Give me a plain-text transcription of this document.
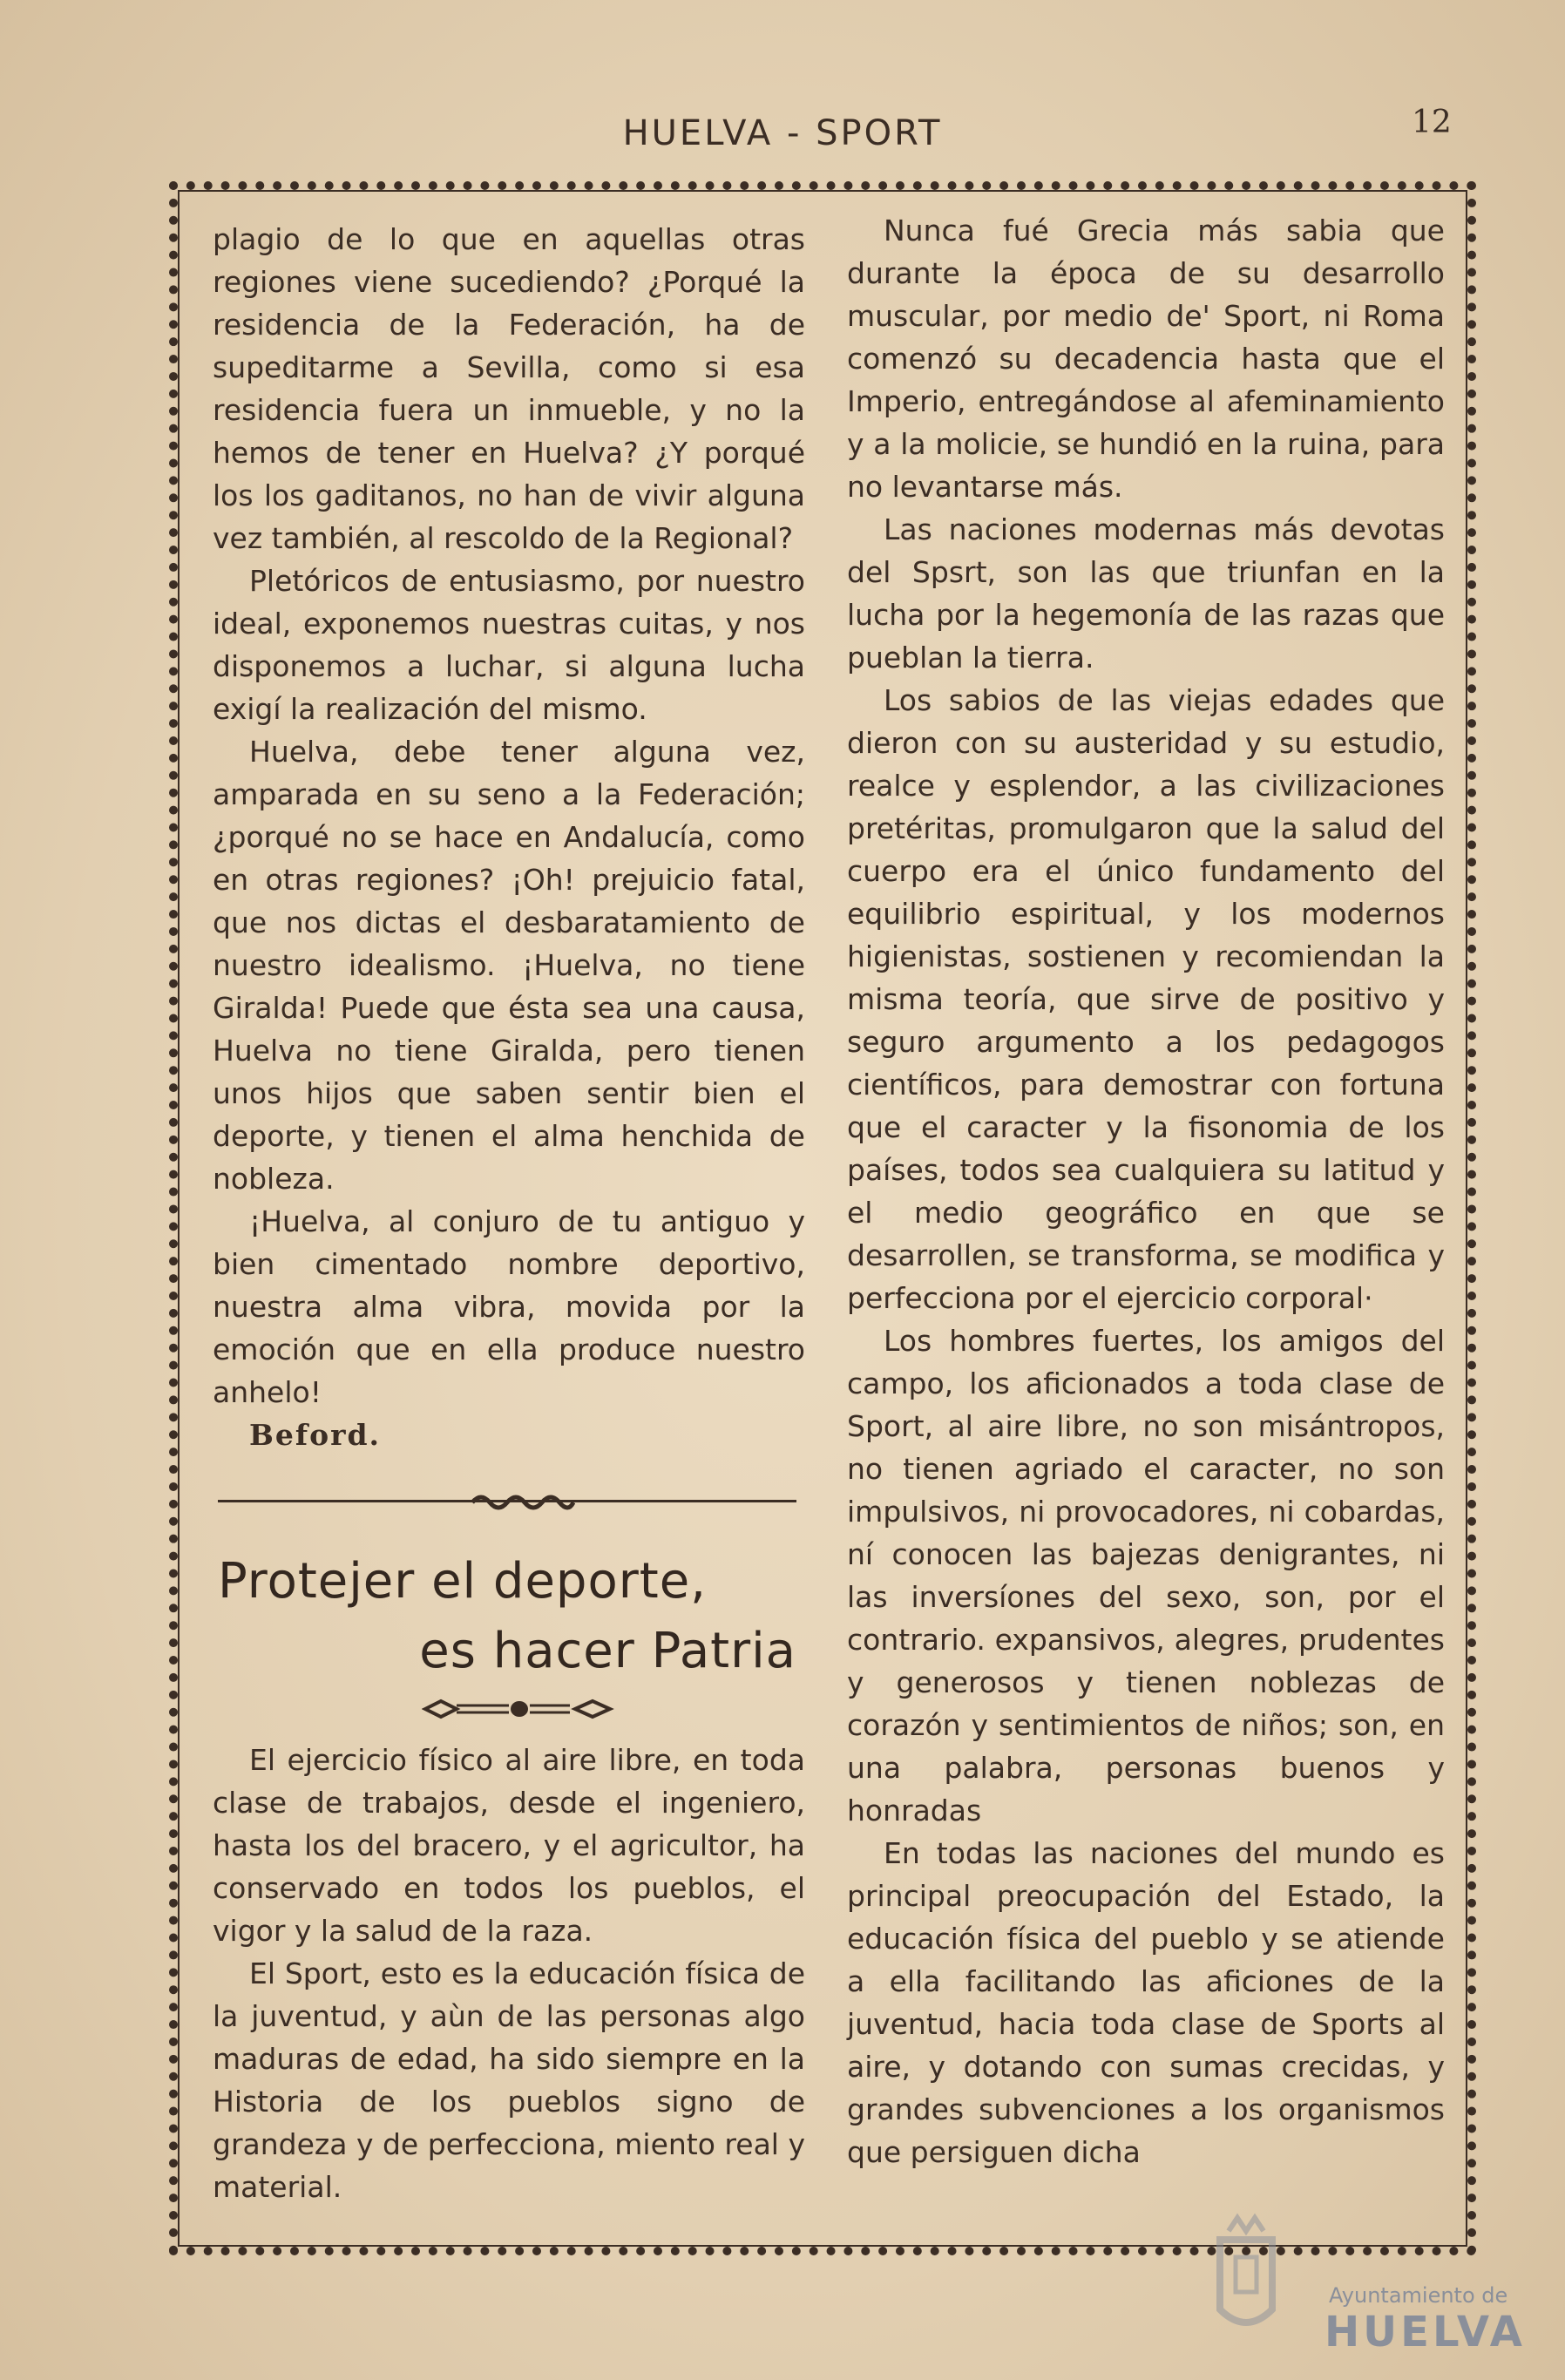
HUELVA - SPORT	12

plagio de lo que en aquellas otras regiones viene sucediendo? ¿Porqué la residencia de la Federación, ha de supeditarme a Sevilla, como si esa residencia fuera un inmueble, y no la hemos de tener en Huelva? ¿Y porqué los los gaditanos, no han de vivir alguna vez también, al rescoldo de la Regional?

Pletóricos de entusiasmo, por nuestro ideal, exponemos nuestras cuitas, y nos disponemos a luchar, si alguna lucha exigí la realización del mismo.

Huelva, debe tener alguna vez, amparada en su seno a la Federación; ¿porqué no se hace en Andalucía, como en otras regiones? ¡Oh! prejuicio fatal, que nos dictas el desbaratamiento de nuestro idealismo. ¡Huelva, no tiene Giralda! Puede que ésta sea una causa, Huelva no tiene Giralda, pero tienen unos hijos que saben sentir bien el deporte, y tienen el alma henchida de nobleza.

¡Huelva, al conjuro de tu antiguo y bien cimentado nombre deportivo, nuestra alma vibra, movida por la emoción que en ella produce nuestro anhelo!

Beford.

Protejer el deporte,
es hacer Patria

El ejercicio físico al aire libre, en toda clase de trabajos, desde el ingeniero, hasta los del bracero, y el agricultor, ha conservado en todos los pueblos, el vigor y la salud de la raza.

El Sport, esto es la educación física de la juventud, y aùn de las personas algo maduras de edad, ha sido siempre en la Historia de los pueblos signo de grandeza y de perfecciona, miento real y material.

Nunca fué Grecia más sabia que durante la época de su desarrollo muscular, por medio de' Sport, ni Roma comenzó su decadencia hasta que el Imperio, entregándose al afeminamiento y a la molicie, se hundió en la ruina, para no levantarse más.

Las naciones modernas más devotas del Spsrt, son las que triunfan en la lucha por la hegemonía de las razas que pueblan la tierra.

Los sabios de las viejas edades que dieron con su austeridad y su estudio, realce y esplendor, a las civilizaciones pretéritas, promulgaron que la salud del cuerpo era el único fundamento del equilibrio espiritual, y los modernos higienistas, sostienen y recomiendan la misma teoría, que sirve de positivo y seguro argumento a los pedagogos científicos, para demostrar con fortuna que el caracter y la fisonomia de los países, todos sea cualquiera su latitud y el medio geográfico en que se desarrollen, se transforma, se modifica y perfecciona por el ejercicio corporal·

Los hombres fuertes, los amigos del campo, los aficionados a toda clase de Sport, al aire libre, no son misántropos, no tienen agriado el caracter, no son impulsivos, ni provocadores, ni cobardas, ní conocen las bajezas denigrantes, ni las inversíones del sexo, son, por el contrario. expansivos, alegres, prudentes y generosos y tienen noblezas de corazón y sentimientos de niños; son, en una palabra, personas buenos y honradas

En todas las naciones del mundo es principal preocupación del Estado, la educación física del pueblo y se atiende a ella facilitando las aficiones de la juventud, hacia toda clase de Sports al aire, y dotando con sumas crecidas, y grandes subvenciones a los organismos que persiguen dicha

Ayuntamiento de
HUELVA
